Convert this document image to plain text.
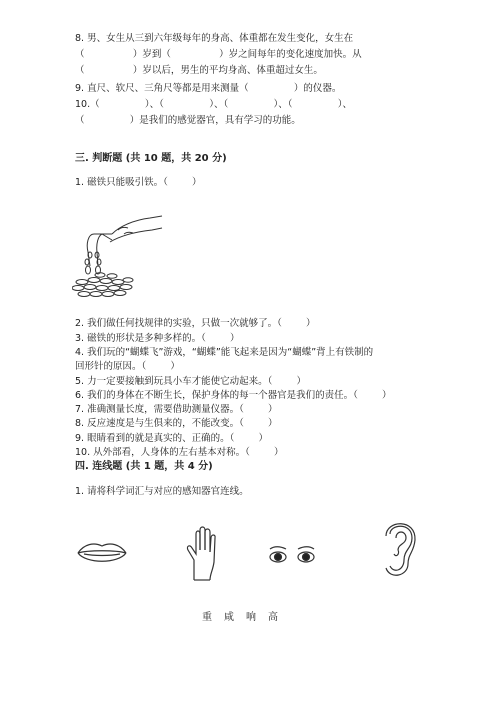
8. 男、女生从三到六年级每年的身高、体重都在发生变化，女生在
（                ）岁到（                ）岁之间每年的变化速度加快。从
（                ）岁以后，男生的平均身高、体重超过女生。
9. 直尺、软尺、三角尺等都是用来测量（               ）的仪器。
10.（               ）、（               ）、（               ）、（               ）、
（               ）是我们的感觉器官，具有学习的功能。
三. 判断题 (共 10 题，共 20 分)
1. 磁铁只能吸引铁。（        ）
2. 我们做任何找规律的实验，只做一次就够了。（        ）
3. 磁铁的形状是多种多样的。（        ）
4. 我们玩的“蝴蝶飞”游戏，“蝴蝶”能飞起来是因为“蝴蝶”背上有铁制的
回形针的原因。（        ）
5. 力一定要接触到玩具小车才能使它动起来。（        ）
6. 我们的身体在不断生长，保护身体的每一个器官是我们的责任。（        ）
7. 准确测量长度，需要借助测量仪器。（        ）
8. 反应速度是与生俱来的，不能改变。（        ）
9. 眼睛看到的就是真实的、正确的。（        ）
10. 从外部看，人身体的左右基本对称。（        ）
四. 连线题 (共 1 题，共 4 分)
1. 请将科学词汇与对应的感知器官连线。
重 咸 响 高
